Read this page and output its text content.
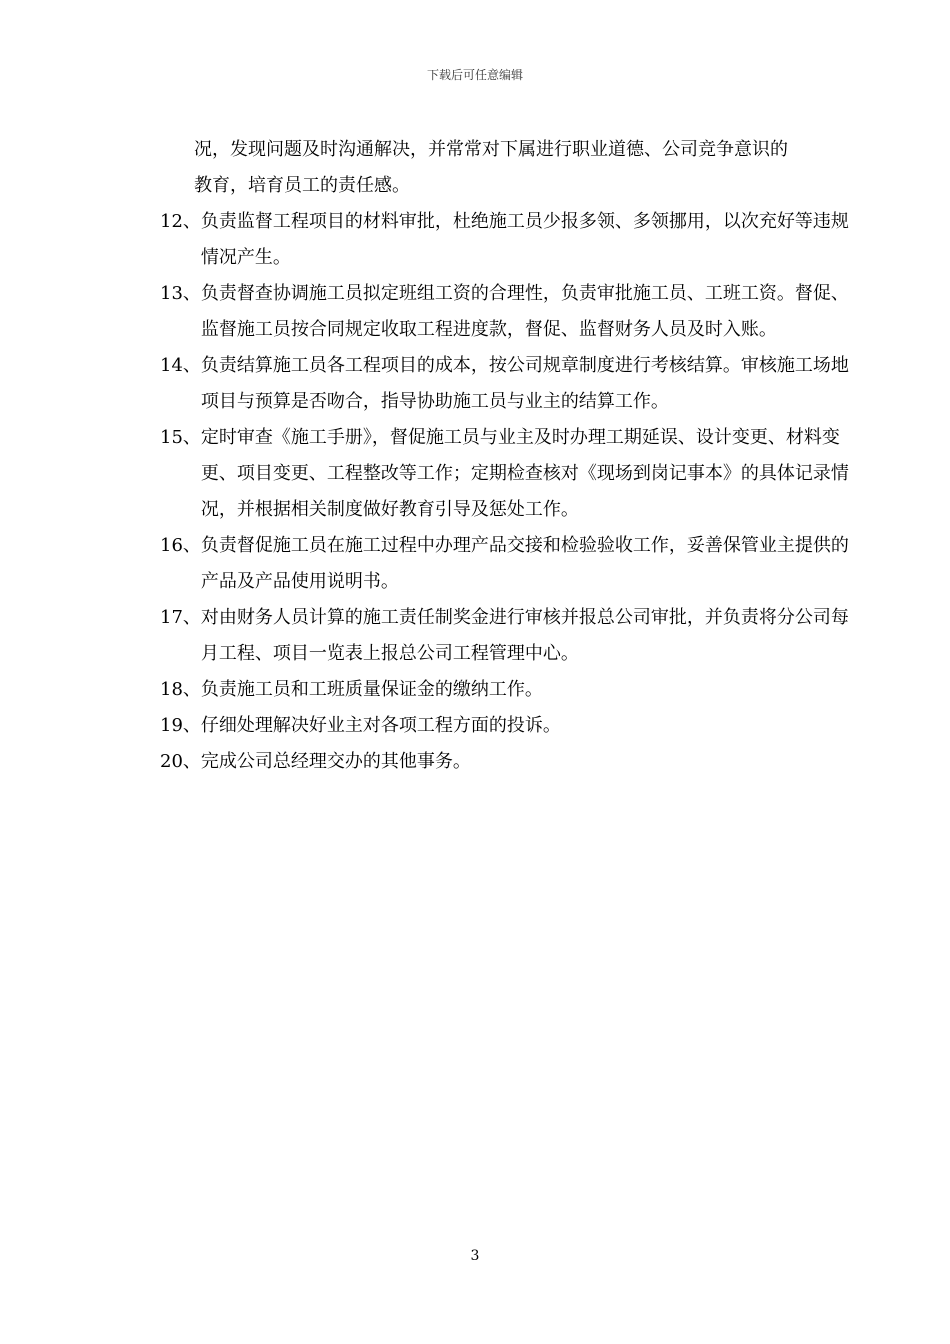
下载后可任意编辑

况，发现问题及时沟通解决，并常常对下属进行职业道德、公司竞争意识的

教育，培育员工的责任感。

12、 负责监督工程项目的材料审批，杜绝施工员少报多领、多领挪用，以次充好等违规情况产生。
13、 负责督查协调施工员拟定班组工资的合理性，负责审批施工员、工班工资。督促、监督施工员按合同规定收取工程进度款，督促、监督财务人员及时入账。
14、 负责结算施工员各工程项目的成本，按公司规章制度进行考核结算。审核施工场地项目与预算是否吻合，指导协助施工员与业主的结算工作。
15、 定时审查《施工手册》，督促施工员与业主及时办理工期延误、设计变更、材料变更、项目变更、工程整改等工作；定期检查核对《现场到岗记事本》的具体记录情况，并根据相关制度做好教育引导及惩处工作。
16、 负责督促施工员在施工过程中办理产品交接和检验验收工作，妥善保管业主提供的产品及产品使用说明书。
17、 对由财务人员计算的施工责任制奖金进行审核并报总公司审批，并负责将分公司每月工程、项目一览表上报总公司工程管理中心。
18、 负责施工员和工班质量保证金的缴纳工作。
19、 仔细处理解决好业主对各项工程方面的投诉。
20、 完成公司总经理交办的其他事务。
3
